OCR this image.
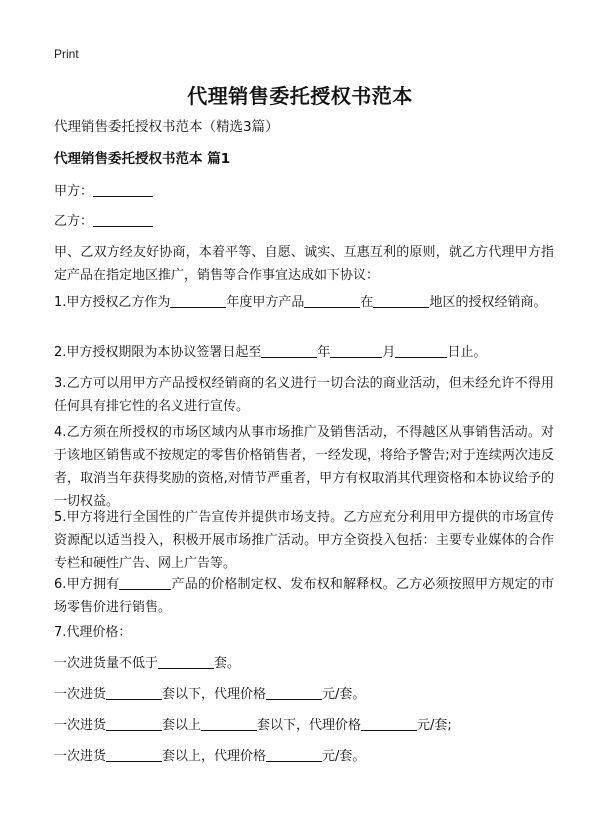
Print
代理销售委托授权书范本
代理销售委托授权书范本（精选3篇）
代理销售委托授权书范本 篇1
甲方：
乙方：
甲、乙双方经友好协商，本着平等、自愿、诚实、互惠互利的原则，就乙方代理甲方指定产品在指定地区推广，销售等合作事宜达成如下协议：
1.甲方授权乙方作为	年度甲方产品	在	地区的授权经销商。
2.甲方授权期限为本协议签署日起至	年	月	日止。
3.乙方可以用甲方产品授权经销商的名义进行一切合法的商业活动，但未经允许不得用任何具有排它性的名义进行宣传。
4.乙方须在所授权的市场区域内从事市场推广及销售活动，不得越区从事销售活动。对于该地区销售或不按规定的零售价格销售者，一经发现，将给予警告;对于连续两次违反者，取消当年获得奖励的资格,对情节严重者，甲方有权取消其代理资格和本协议给予的一切权益。
5.甲方将进行全国性的广告宣传并提供市场支持。乙方应充分利用甲方提供的市场宣传资源配以适当投入，积极开展市场推广活动。甲方全资投入包括：主要专业媒体的合作专栏和硬性广告、网上广告等。
6.甲方拥有	产品的价格制定权、发布权和解释权。乙方必须按照甲方规定的市场零售价进行销售。
7.代理价格：
一次进货量不低于	套。
一次进货	套以下，代理价格	元/套。
一次进货	套以上	套以下，代理价格	元/套;
一次进货	套以上，代理价格	元/套。
